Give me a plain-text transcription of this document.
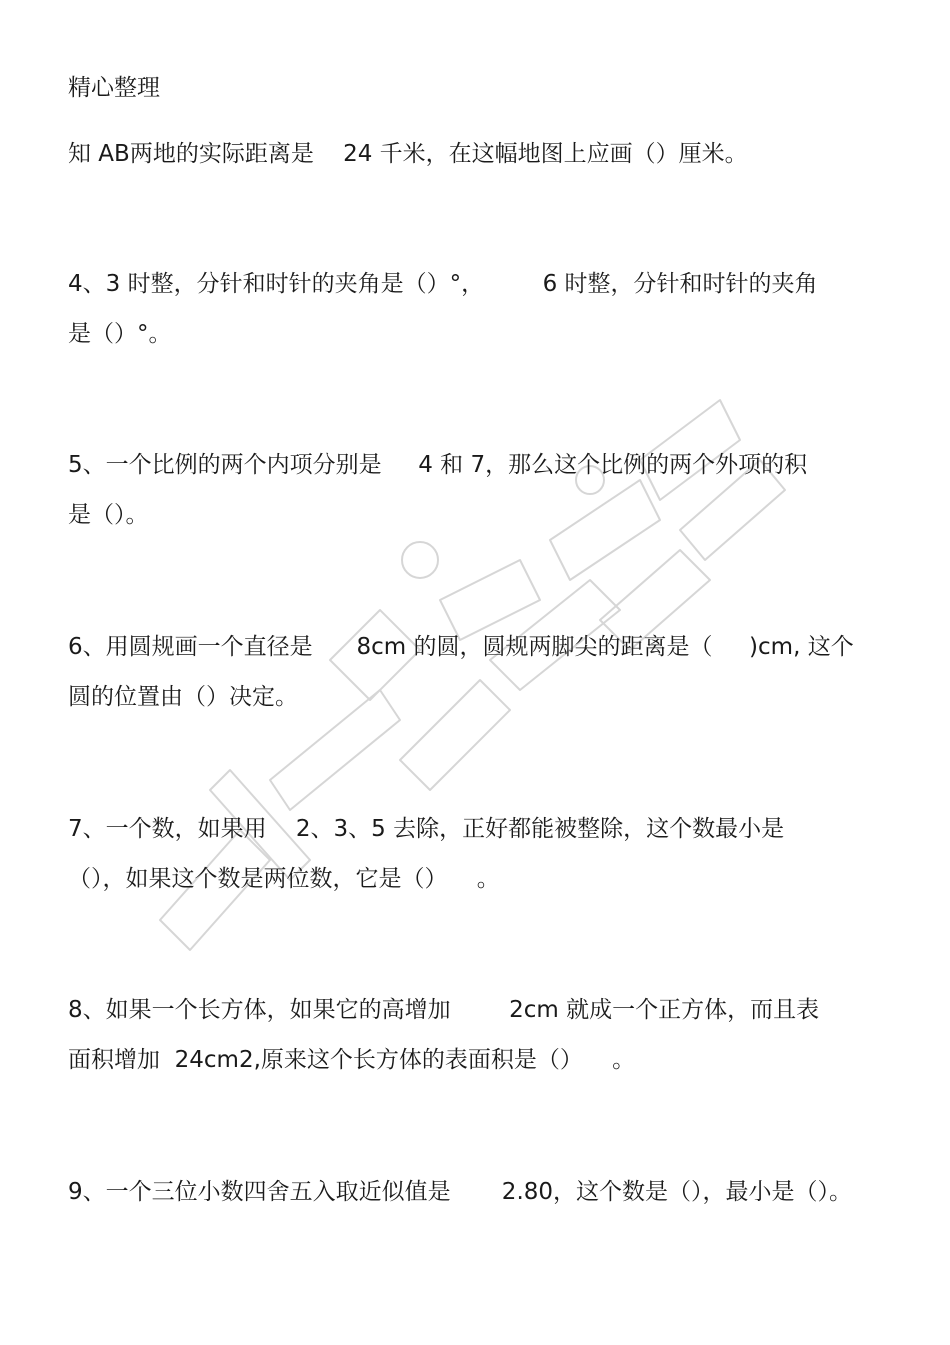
精心整理

知 AB两地的实际距离是    24 千米，在这幅地图上应画（）厘米。

4、3 时整，分针和时针的夹角是（）°，        6 时整，分针和时针的夹角

是（）°。

5、一个比例的两个内项分别是     4 和 7，那么这个比例的两个外项的积

是（）。

6、用圆规画一个直径是      8cm 的圆，圆规两脚尖的距离是（     )cm, 这个

圆的位置由（）决定。

7、一个数，如果用    2、3、5 去除，正好都能被整除，这个数最小是

（），如果这个数是两位数，它是（）    。

8、如果一个长方体，如果它的高增加        2cm 就成一个正方体，而且表

面积增加  24cm2,原来这个长方体的表面积是（）    。

9、一个三位小数四舍五入取近似值是       2.80，这个数是（），最小是（）。
